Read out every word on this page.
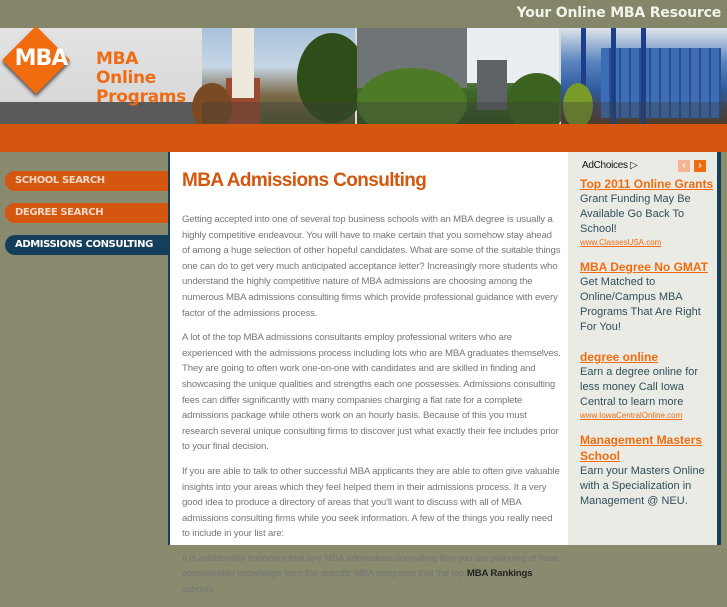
Your Online MBA Resource
MBA	MBA Online
Programs
SCHOOL SEARCH
DEGREE SEARCH
ADMISSIONS CONSULTING
MBA Admissions Consulting

Getting accepted into one of several top business schools with an MBA degree is usually a highly competitive endeavour. You will have to make certain that you somehow stay ahead of among a huge selection of other hopeful candidates. What are some of the suitable things one can do to get very much anticipated acceptance letter? Increasingly more students who understand the highly competitive nature of MBA admissions are choosing among the numerous MBA admissions consulting firms which provide professional guidance with every factor of the admissions process.

A lot of the top MBA admissions consultants employ professional writers who are experienced with the admissions process including lots who are MBA graduates themselves. They are going to often work one-on-one with candidates and are skilled in finding and showcasing the unique qualities and strengths each one possesses. Admissions consulting fees can differ significantly with many companies charging a flat rate for a complete admissions package while others work on an hourly basis. Because of this you must research several unique consulting firms to discover just what exactly their fee includes prior to your final decision.

If you are able to talk to other successful MBA applicants they are able to often give valuable insights into your areas which they feel helped them in their admissions process. It a very good idea to produce a directory of areas that you'll want to discuss with all of MBA admissions consulting firms while you seek information. A few of the things you really need to include in your list are:

It is additionally important that any MBA admissions consulting firm you are planning of have considerable knowledge from the specific MBA programs that the top MBA Rankings schools

AdChoices ▷	‹	›
Top 2011 Online Grants
Grant Funding May Be Available Go Back To School!
www.ClassesUSA.com
MBA Degree No GMAT
Get Matched to Online/Campus MBA Programs That Are Right For You!
degree online
Earn a degree online for less money Call Iowa Central to learn more
www.IowaCentralOnline.com
Management Masters School
Earn your Masters Online with a Specialization in Management @ NEU.
